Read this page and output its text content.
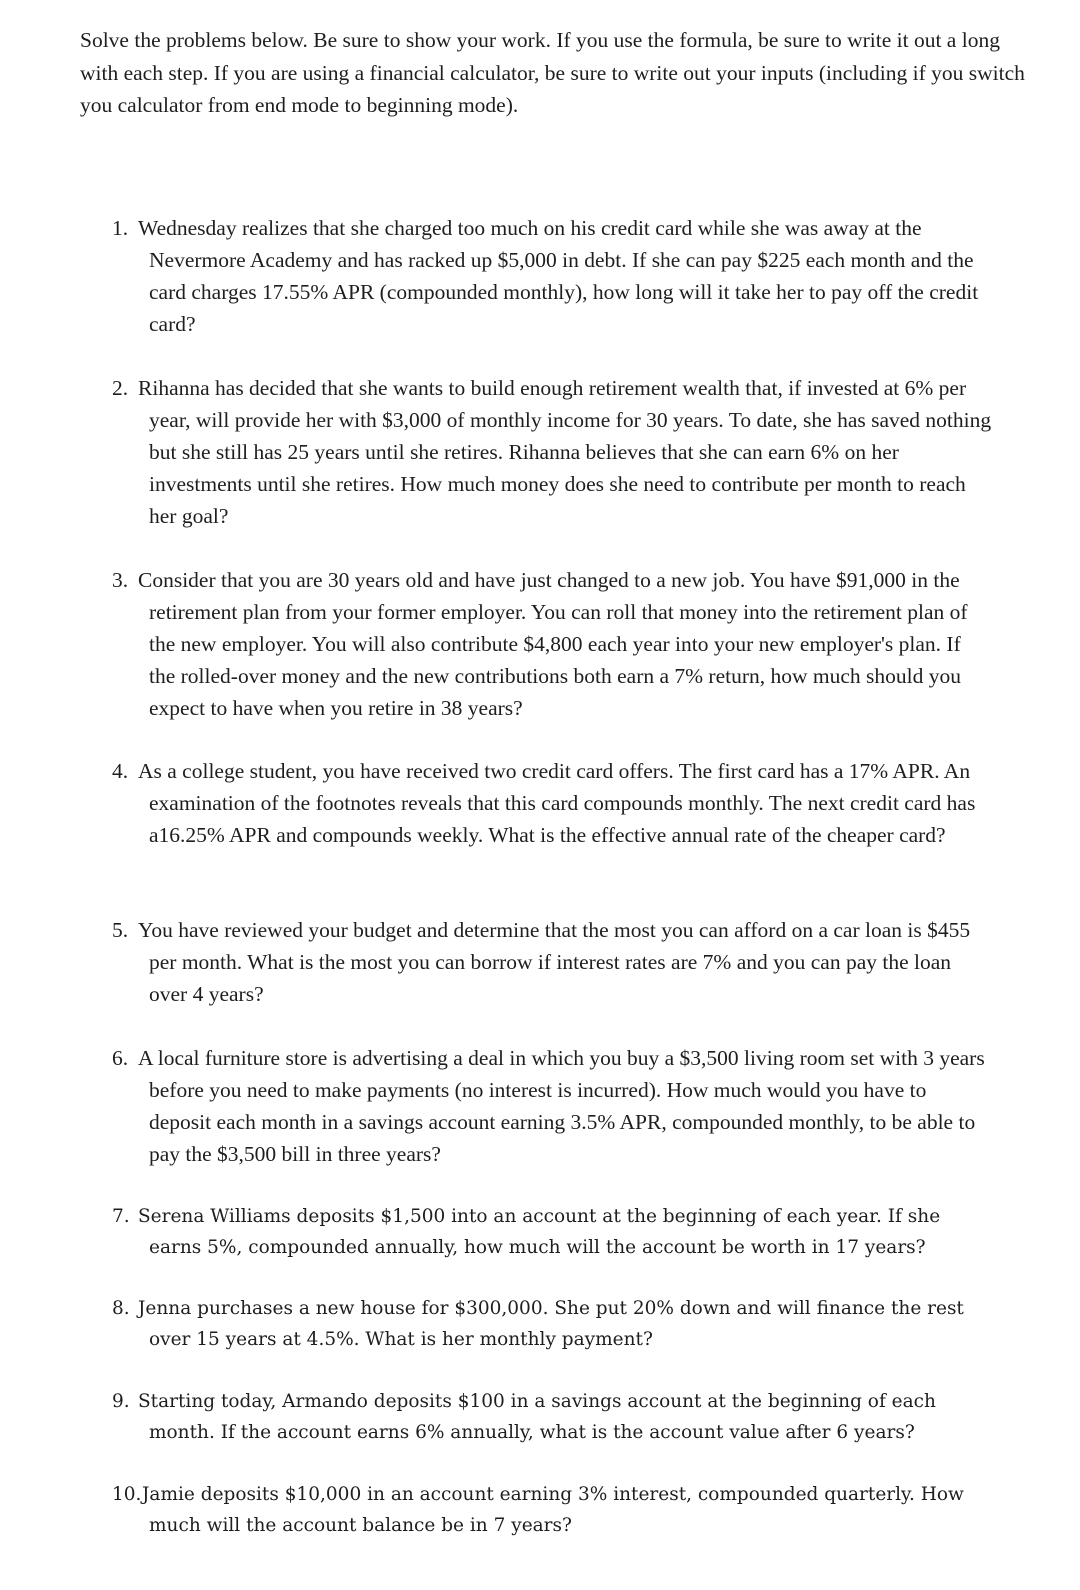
Solve the problems below. Be sure to show your work. If you use the formula, be sure to write it out a long with each step. If you are using a financial calculator, be sure to write out your inputs (including if you switch you calculator from end mode to beginning mode).

1. Wednesday realizes that she charged too much on his credit card while she was away at the Nevermore Academy and has racked up $5,000 in debt. If she can pay $225 each month and the card charges 17.55% APR (compounded monthly), how long will it take her to pay off the credit card?

2. Rihanna has decided that she wants to build enough retirement wealth that, if invested at 6% per year, will provide her with $3,000 of monthly income for 30 years. To date, she has saved nothing but she still has 25 years until she retires. Rihanna believes that she can earn 6% on her investments until she retires. How much money does she need to contribute per month to reach her goal?

3. Consider that you are 30 years old and have just changed to a new job. You have $91,000 in the retirement plan from your former employer. You can roll that money into the retirement plan of the new employer. You will also contribute $4,800 each year into your new employer's plan. If the rolled-over money and the new contributions both earn a 7% return, how much should you expect to have when you retire in 38 years?

4. As a college student, you have received two credit card offers. The first card has a 17% APR. An examination of the footnotes reveals that this card compounds monthly. The next credit card has a16.25% APR and compounds weekly. What is the effective annual rate of the cheaper card?

5. You have reviewed your budget and determine that the most you can afford on a car loan is $455 per month. What is the most you can borrow if interest rates are 7% and you can pay the loan over 4 years?

6. A local furniture store is advertising a deal in which you buy a $3,500 living room set with 3 years before you need to make payments (no interest is incurred). How much would you have to deposit each month in a savings account earning 3.5% APR, compounded monthly, to be able to pay the $3,500 bill in three years?

7. Serena Williams deposits $1,500 into an account at the beginning of each year. If she earns 5%, compounded annually, how much will the account be worth in 17 years?

8. Jenna purchases a new house for $300,000. She put 20% down and will finance the rest over 15 years at 4.5%. What is her monthly payment?

9. Starting today, Armando deposits $100 in a savings account at the beginning of each month. If the account earns 6% annually, what is the account value after 6 years?

10.Jamie deposits $10,000 in an account earning 3% interest, compounded quarterly. How much will the account balance be in 7 years?
